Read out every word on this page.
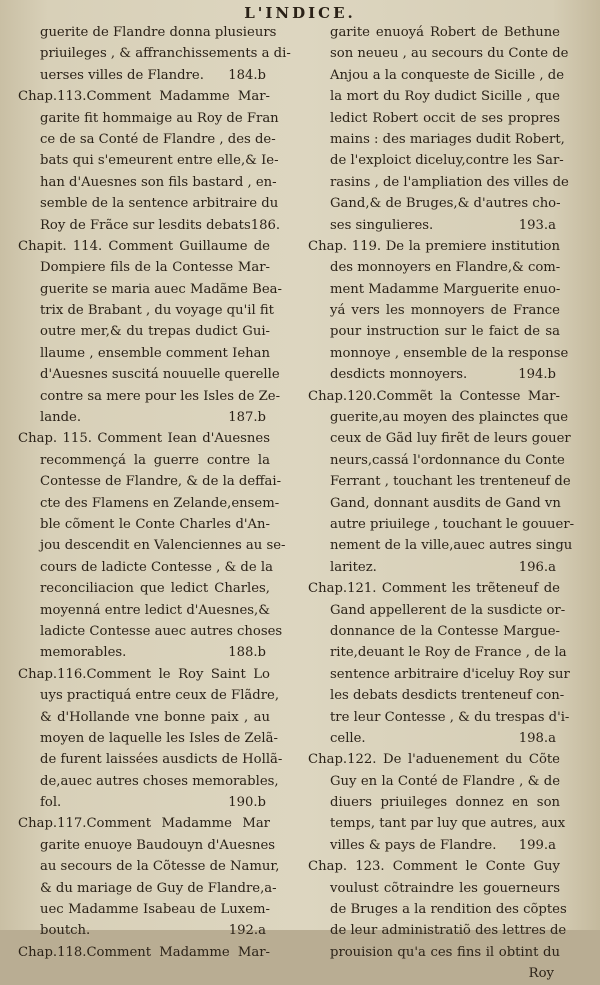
L'INDICE.
guerite de Flandre donna plusieurs
priuileges , & affranchissements a di-
uerses villes de Flandre. 184.b
Chap.113.Comment Madamme Mar-
garite fit hommaige au Roy de Fran
ce de sa Conté de Flandre , des de-
bats qui s'emeurent entre elle,& Ie-
han d'Auesnes son fils bastard , en-
semble de la sentence arbitraire du
Roy de Frãce sur lesdits debats 186.
Chapit. 114. Comment Guillaume de
Dompiere fils de la Contesse Mar-
guerite se maria auec Madãme Bea-
trix de Brabant , du voyage qu'il fit
outre mer,& du trepas dudict Gui-
llaume , ensemble comment Iehan
d'Auesnes suscitá nouuelle querelle
contre sa mere pour les Isles de Ze-
lande.	187.b
Chap. 115. Comment Iean d'Auesnes
recommençá la guerre contre la
Contesse de Flandre, & de la deffai-
cte des Flamens en Zelande,ensem-
ble cõment le Conte Charles d'An-
jou descendit en Valenciennes au se-
cours de ladicte Contesse , & de la
reconciliacion que ledict Charles,
moyenná entre ledict d'Auesnes,&
ladicte Contesse auec autres choses
memorables.	188.b
Chap.116.Comment le Roy Saint Lo
uys practiquá entre ceux de Flãdre,
& d'Hollande vne bonne paix , au
moyen de laquelle les Isles de Zelã-
de furent laissées ausdicts de Hollã-
de,auec autres choses memorables,
fol.	190.b
Chap.117.Comment Madamme Mar
garite enuoye Baudouyn d'Auesnes
au secours de la Cõtesse de Namur,
& du mariage de Guy de Flandre,a-
uec Madamme Isabeau de Luxem-
boutch.	192.a
Chap.118.Comment Madamme Mar-
garite enuoyá Robert de Bethune
son neueu , au secours du Conte de
Anjou a la conqueste de Sicille , de
la mort du Roy dudict Sicille , que
ledict Robert occit de ses propres
mains : des mariages dudit Robert,
de l'exploict diceluy,contre les Sar-
rasins , de l'ampliation des villes de
Gand,& de Bruges,& d'autres cho-
ses singulieres.	193.a
Chap. 119. De la premiere institution
des monnoyers en Flandre,& com-
ment Madamme Marguerite enuo-
yá vers les monnoyers de France
pour instruction sur le faict de sa
monnoye , ensemble de la response
desdicts monnoyers.	194.b
Chap.120.Commẽt la Contesse Mar-
guerite,au moyen des plainctes que
ceux de Gãd luy firẽt de leurs gouer
neurs,cassá l'ordonnance du Conte
Ferrant , touchant les trenteneuf de
Gand, donnant ausdits de Gand vn
autre priuilege , touchant le gouuer-
nement de la ville,auec autres singu
laritez.	196.a
Chap.121. Comment les trẽteneuf de
Gand appellerent de la susdicte or-
donnance de la Contesse Margue-
rite,deuant le Roy de France , de la
sentence arbitraire d'iceluy Roy sur
les debats desdicts trenteneuf con-
tre leur Contesse , & du trespas d'i-
celle.	198.a
Chap.122. De l'aduenement du Cõte
Guy en la Conté de Flandre , & de
diuers priuileges donnez en son
temps, tant par luy que autres, aux
villes & pays de Flandre. 199.a
Chap. 123. Comment le Conte Guy
voulust cõtraindre les gouerneurs
de Bruges a la rendition des cõptes
de leur administratiõ des lettres de
prouision qu'a ces fins il obtint du
Roy
